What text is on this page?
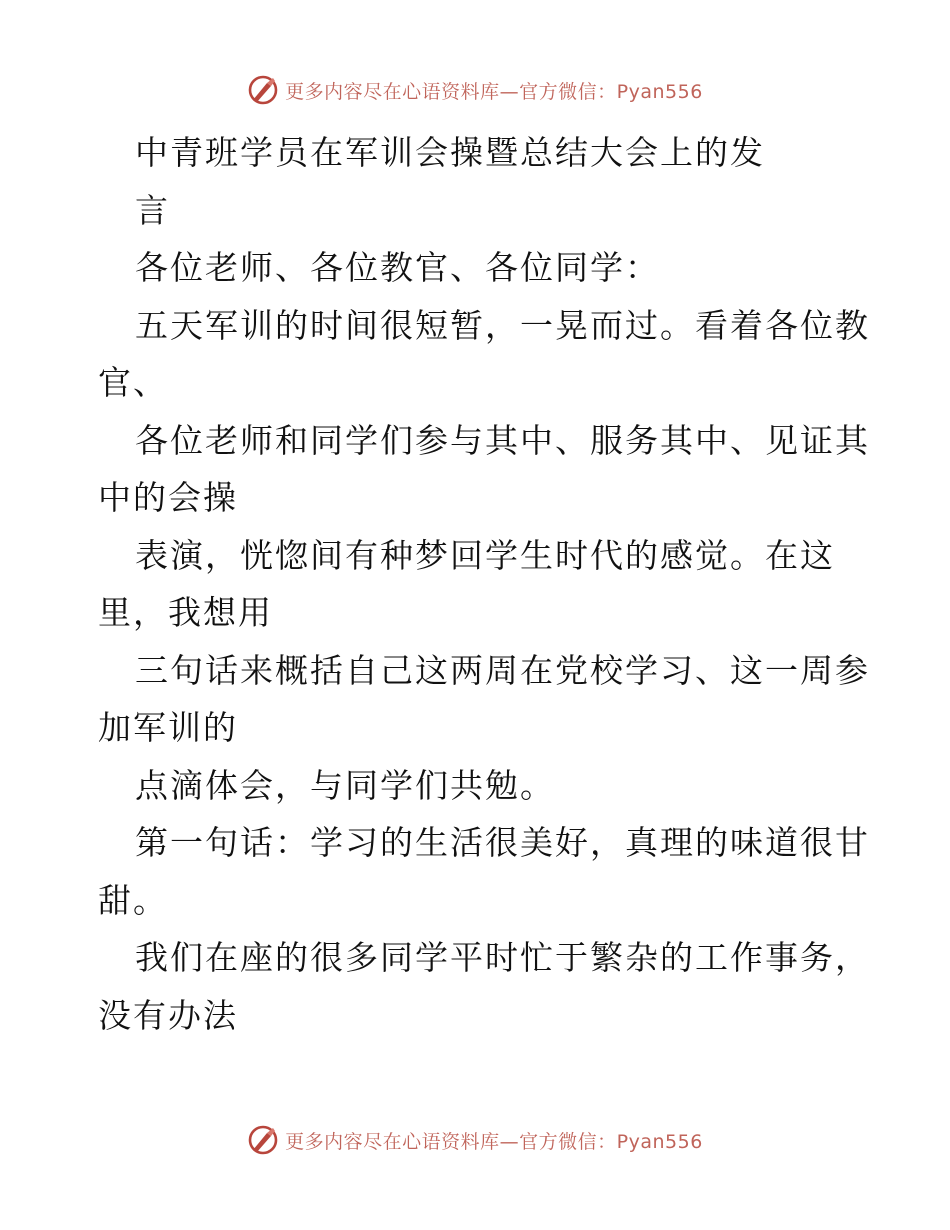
更多内容尽在心语资料库—官方微信：Pyan556
中青班学员在军训会操暨总结大会上的发
言
各位老师、各位教官、各位同学：
五天军训的时间很短暂，一晃而过。看着各位教
官、
各位老师和同学们参与其中、服务其中、见证其
中的会操
表演，恍惚间有种梦回学生时代的感觉。在这
里，我想用
三句话来概括自己这两周在党校学习、这一周参
加军训的
点滴体会，与同学们共勉。
第一句话：学习的生活很美好，真理的味道很甘
甜。
我们在座的很多同学平时忙于繁杂的工作事务，
没有办法
更多内容尽在心语资料库—官方微信：Pyan556
